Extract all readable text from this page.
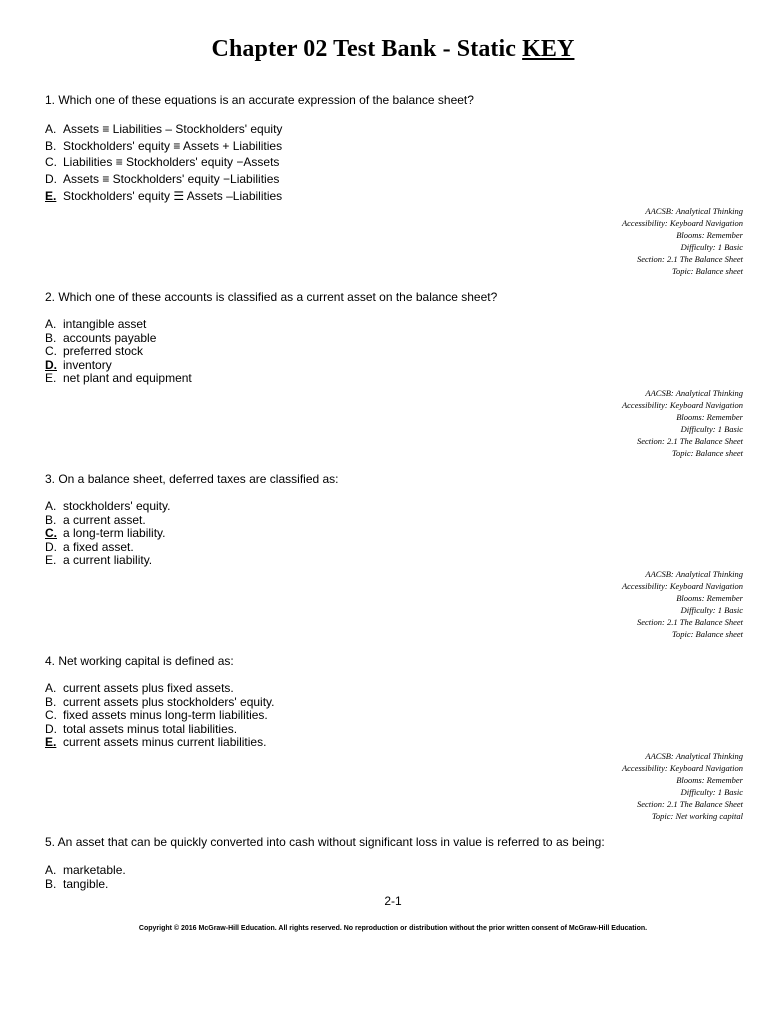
Chapter 02 Test Bank - Static KEY
1. Which one of these equations is an accurate expression of the balance sheet?
A. Assets ≡ Liabilities – Stockholders' equity
B. Stockholders' equity ≡ Assets + Liabilities
C. Liabilities ≡ Stockholders' equity −Assets
D. Assets ≡ Stockholders' equity −Liabilities
E. Stockholders' equity ☰ Assets –Liabilities
AACSB: Analytical Thinking
Accessibility: Keyboard Navigation
Blooms: Remember
Difficulty: 1 Basic
Section: 2.1 The Balance Sheet
Topic: Balance sheet
2. Which one of these accounts is classified as a current asset on the balance sheet?
A. intangible asset
B. accounts payable
C. preferred stock
D. inventory
E. net plant and equipment
AACSB: Analytical Thinking
Accessibility: Keyboard Navigation
Blooms: Remember
Difficulty: 1 Basic
Section: 2.1 The Balance Sheet
Topic: Balance sheet
3. On a balance sheet, deferred taxes are classified as:
A. stockholders' equity.
B. a current asset.
C. a long-term liability.
D. a fixed asset.
E. a current liability.
AACSB: Analytical Thinking
Accessibility: Keyboard Navigation
Blooms: Remember
Difficulty: 1 Basic
Section: 2.1 The Balance Sheet
Topic: Balance sheet
4. Net working capital is defined as:
A. current assets plus fixed assets.
B. current assets plus stockholders' equity.
C. fixed assets minus long-term liabilities.
D. total assets minus total liabilities.
E. current assets minus current liabilities.
AACSB: Analytical Thinking
Accessibility: Keyboard Navigation
Blooms: Remember
Difficulty: 1 Basic
Section: 2.1 The Balance Sheet
Topic: Net working capital
5. An asset that can be quickly converted into cash without significant loss in value is referred to as being:
A. marketable.
B. tangible.
2-1
Copyright © 2016 McGraw-Hill Education. All rights reserved. No reproduction or distribution without the prior written consent of McGraw-Hill Education.
